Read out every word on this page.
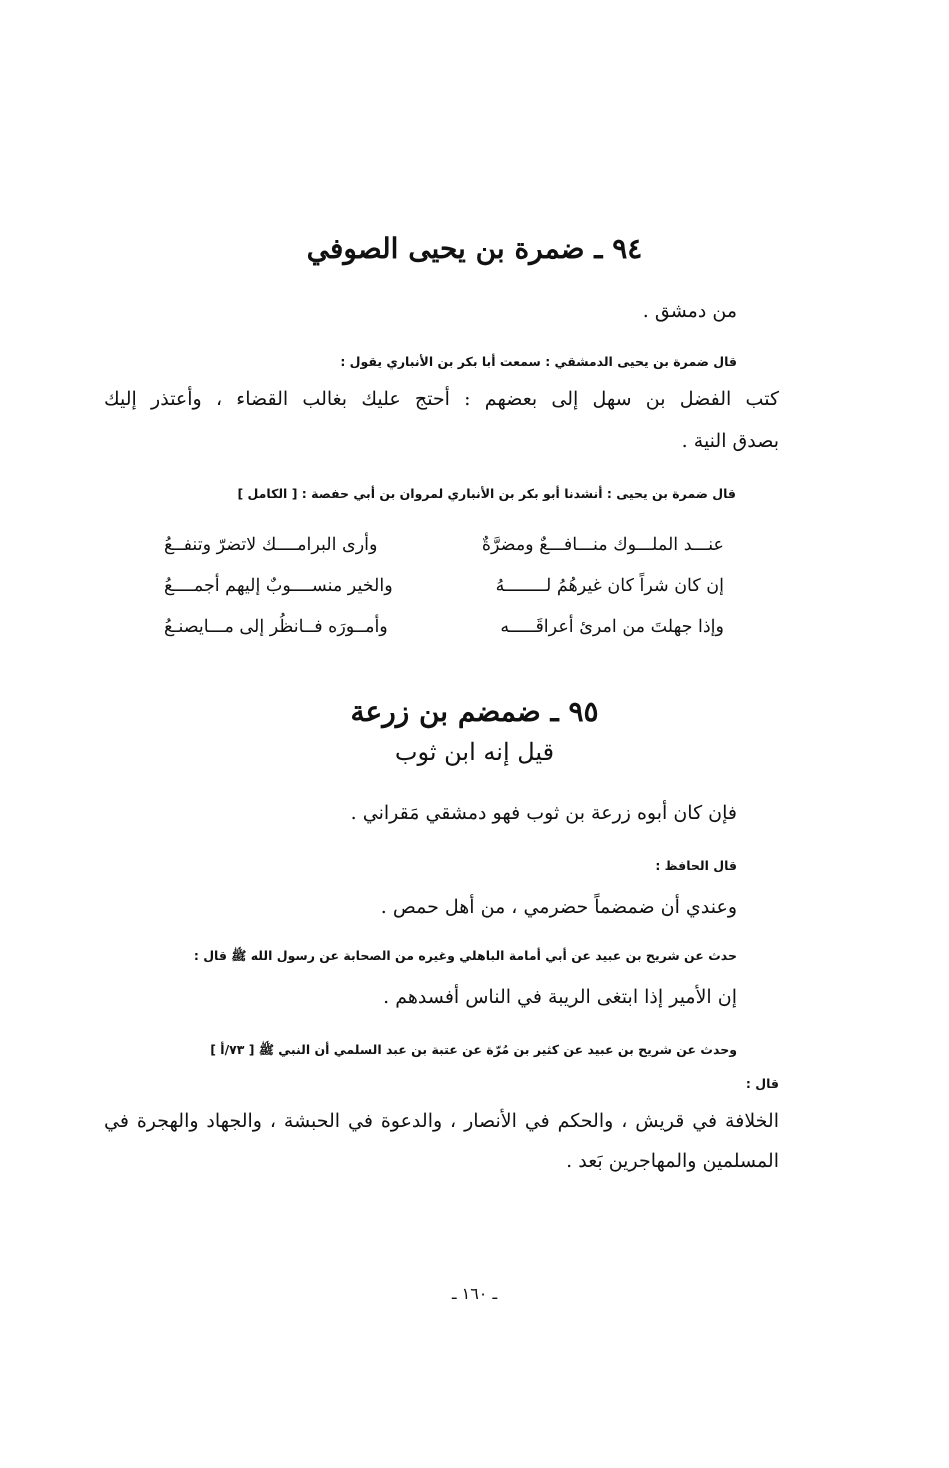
٩٤ ـ ضمرة بن يحيى الصوفي
من دمشق .
قال ضمرة بن يحيى الدمشقي : سمعت أبا بكر بن الأنباري يقول :
كتب الفضل بن سهل إلى بعضهم : أحتج عليك بغالب القضاء ، وأعتذر إليك
بصدق النية .
قال ضمرة بن يحيى : أنشدنا أبو بكر بن الأنباري لمروان بن أبي حفصة : [ الكامل ]
عنـــد الملـــوك منـــافـــعٌ ومضرَّةٌ
وأرى البرامــــك لاتضرّ وتنفــعُ
إن كان شراً كان غيرهُمُ لــــــــهُ
والخير منســــوبٌ إليهم أجمــــعُ
وإذا جهلتَ من امرئ أعراقَـــــه
وأمــورَه فــانظُر إلى مـــايصنـعُ
٩٥ ـ ضمضم بن زرعة
قيل إنه ابن ثوب
فإن كان أبوه زرعة بن ثوب فهو دمشقي مَقراني .
قال الحافظ :
وعندي أن ضمضماً حضرمي ، من أهل حمص .
حدث عن شريح بن عبيد عن أبي أمامة الباهلي وغيره من الصحابة عن رسول الله ﷺ قال :
إن الأمير إذا ابتغى الريبة في الناس أفسدهم .
وحدث عن شريح بن عبيد عن كثير بن مُرّة عن عتبة بن عبد السلمي أن النبي ﷺ [ ٧٣/أ ]
قال :
الخلافة في قريش ، والحكم في الأنصار ، والدعوة في الحبشة ، والجهاد والهجرة في
المسلمين والمهاجرين بَعد .
ـ ١٦٠ ـ
